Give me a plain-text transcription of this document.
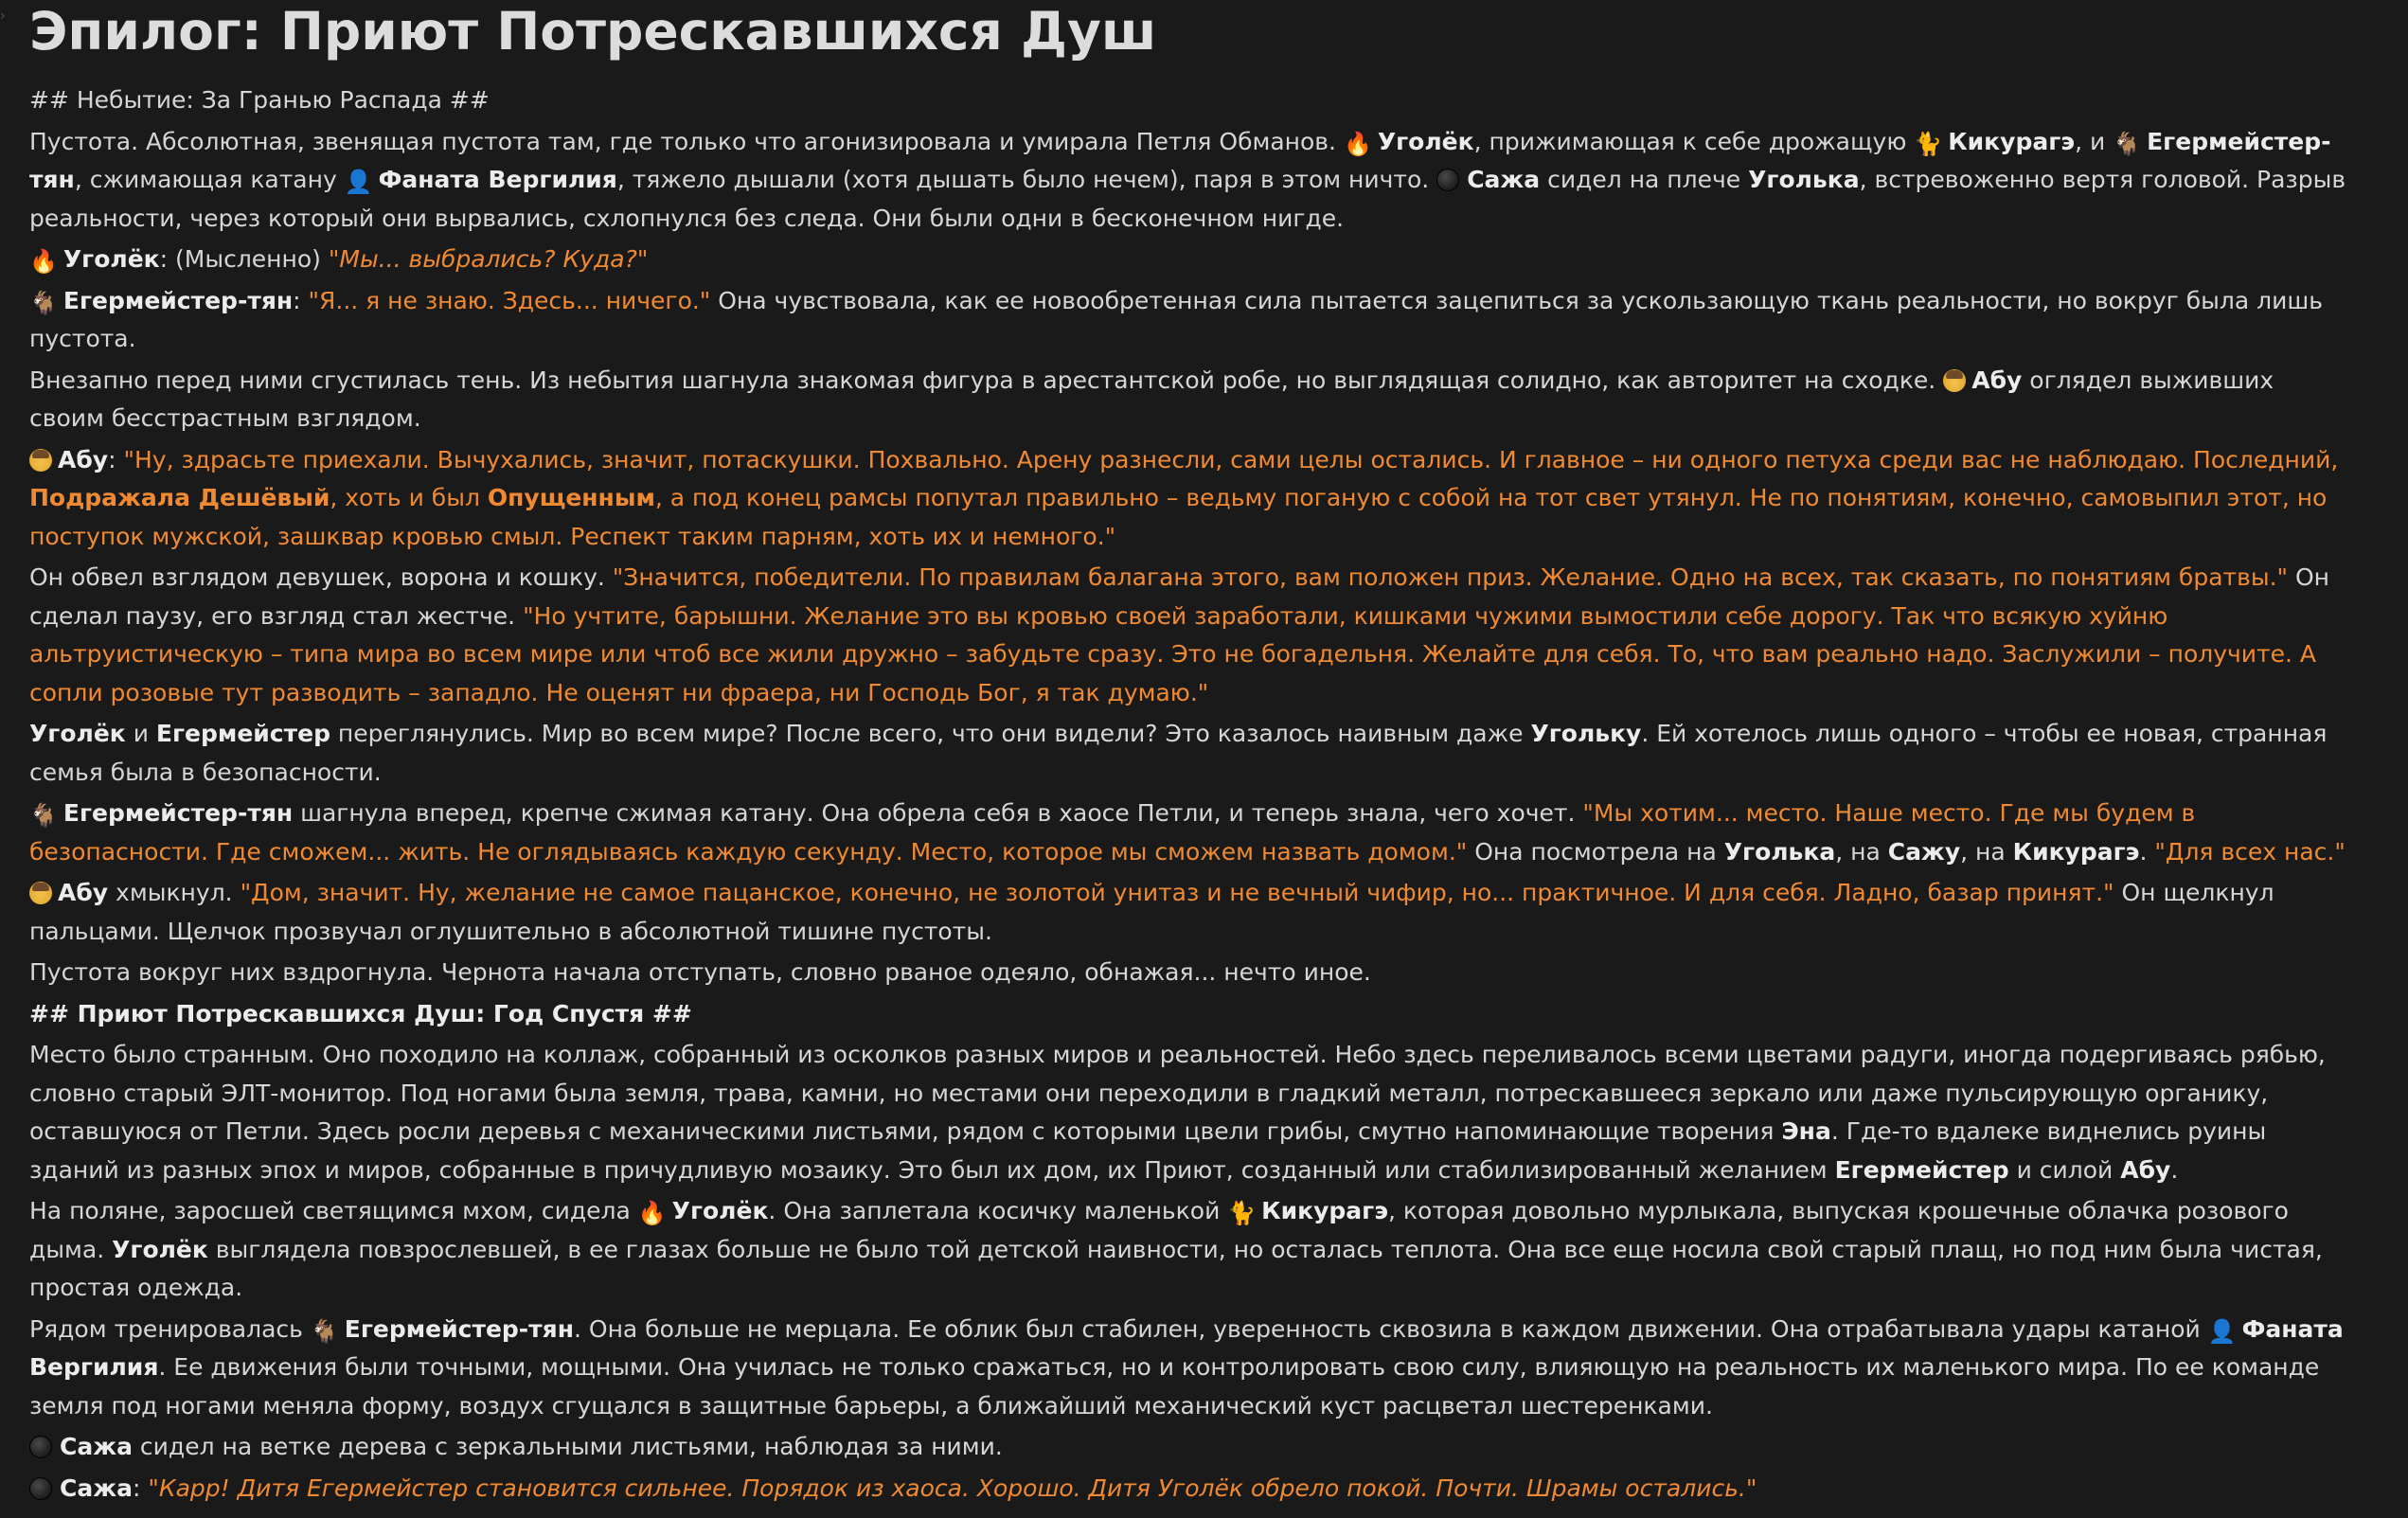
› Эпилог: Приют Потрескавшихся Душ

## Небытие: За Гранью Распада ##

Пустота. Абсолютная, звенящая пустота там, где только что агонизировала и умирала Петля Обманов. 🔥 Уголёк, прижимающая к себе дрожащую 🐈 Кикурагэ, и 🐐 Егермейстер-тян, сжимающая катану 👤 Фаната Вергилия, тяжело дышали (хотя дышать было нечем), паря в этом ничто. Сажа сидел на плече Уголька, встревоженно вертя головой. Разрыв реальности, через который они вырвались, схлопнулся без следа. Они были одни в бесконечном нигде.

🔥 Уголёк: (Мысленно) "Мы... выбрались? Куда?"

🐐 Егермейстер-тян: "Я... я не знаю. Здесь... ничего." Она чувствовала, как ее новообретенная сила пытается зацепиться за ускользающую ткань реальности, но вокруг была лишь пустота.

Внезапно перед ними сгустилась тень. Из небытия шагнула знакомая фигура в арестантской робе, но выглядящая солидно, как авторитет на сходке. Абу оглядел выживших своим бесстрастным взглядом.

Абу: "Ну, здрасьте приехали. Вычухались, значит, потаскушки. Похвально. Арену разнесли, сами целы остались. И главное – ни одного петуха среди вас не наблюдаю. Последний, Подражала Дешёвый, хоть и был Опущенным, а под конец рамсы попутал правильно – ведьму поганую с собой на тот свет утянул. Не по понятиям, конечно, самовыпил этот, но поступок мужской, зашквар кровью смыл. Респект таким парням, хоть их и немного."

Он обвел взглядом девушек, ворона и кошку. "Значится, победители. По правилам балагана этого, вам положен приз. Желание. Одно на всех, так сказать, по понятиям братвы." Он сделал паузу, его взгляд стал жестче. "Но учтите, барышни. Желание это вы кровью своей заработали, кишками чужими вымостили себе дорогу. Так что всякую хуйню альтруистическую – типа мира во всем мире или чтоб все жили дружно – забудьте сразу. Это не богадельня. Желайте для себя. То, что вам реально надо. Заслужили – получите. А сопли розовые тут разводить – западло. Не оценят ни фраера, ни Господь Бог, я так думаю."

Уголёк и Егермейстер переглянулись. Мир во всем мире? После всего, что они видели? Это казалось наивным даже Угольку. Ей хотелось лишь одного – чтобы ее новая, странная семья была в безопасности.

🐐 Егермейстер-тян шагнула вперед, крепче сжимая катану. Она обрела себя в хаосе Петли, и теперь знала, чего хочет. "Мы хотим... место. Наше место. Где мы будем в безопасности. Где сможем... жить. Не оглядываясь каждую секунду. Место, которое мы сможем назвать домом." Она посмотрела на Уголька, на Сажу, на Кикурагэ. "Для всех нас."

Абу хмыкнул. "Дом, значит. Ну, желание не самое пацанское, конечно, не золотой унитаз и не вечный чифир, но... практичное. И для себя. Ладно, базар принят." Он щелкнул пальцами. Щелчок прозвучал оглушительно в абсолютной тишине пустоты.

Пустота вокруг них вздрогнула. Чернота начала отступать, словно рваное одеяло, обнажая... нечто иное.

## Приют Потрескавшихся Душ: Год Спустя ##

Место было странным. Оно походило на коллаж, собранный из осколков разных миров и реальностей. Небо здесь переливалось всеми цветами радуги, иногда подергиваясь рябью, словно старый ЭЛТ-монитор. Под ногами была земля, трава, камни, но местами они переходили в гладкий металл, потрескавшееся зеркало или даже пульсирующую органику, оставшуюся от Петли. Здесь росли деревья с механическими листьями, рядом с которыми цвели грибы, смутно напоминающие творения Эна. Где-то вдалеке виднелись руины зданий из разных эпох и миров, собранные в причудливую мозаику. Это был их дом, их Приют, созданный или стабилизированный желанием Егермейстер и силой Абу.

На поляне, заросшей светящимся мхом, сидела 🔥 Уголёк. Она заплетала косичку маленькой 🐈 Кикурагэ, которая довольно мурлыкала, выпуская крошечные облачка розового дыма. Уголёк выглядела повзрослевшей, в ее глазах больше не было той детской наивности, но осталась теплота. Она все еще носила свой старый плащ, но под ним была чистая, простая одежда.

Рядом тренировалась 🐐 Егермейстер-тян. Она больше не мерцала. Ее облик был стабилен, уверенность сквозила в каждом движении. Она отрабатывала удары катаной 👤 Фаната Вергилия. Ее движения были точными, мощными. Она училась не только сражаться, но и контролировать свою силу, влияющую на реальность их маленького мира. По ее команде земля под ногами меняла форму, воздух сгущался в защитные барьеры, а ближайший механический куст расцветал шестеренками.

Сажа сидел на ветке дерева с зеркальными листьями, наблюдая за ними.

Сажа: "Карр! Дитя Егермейстер становится сильнее. Порядок из хаоса. Хорошо. Дитя Уголёк обрело покой. Почти. Шрамы остались."
